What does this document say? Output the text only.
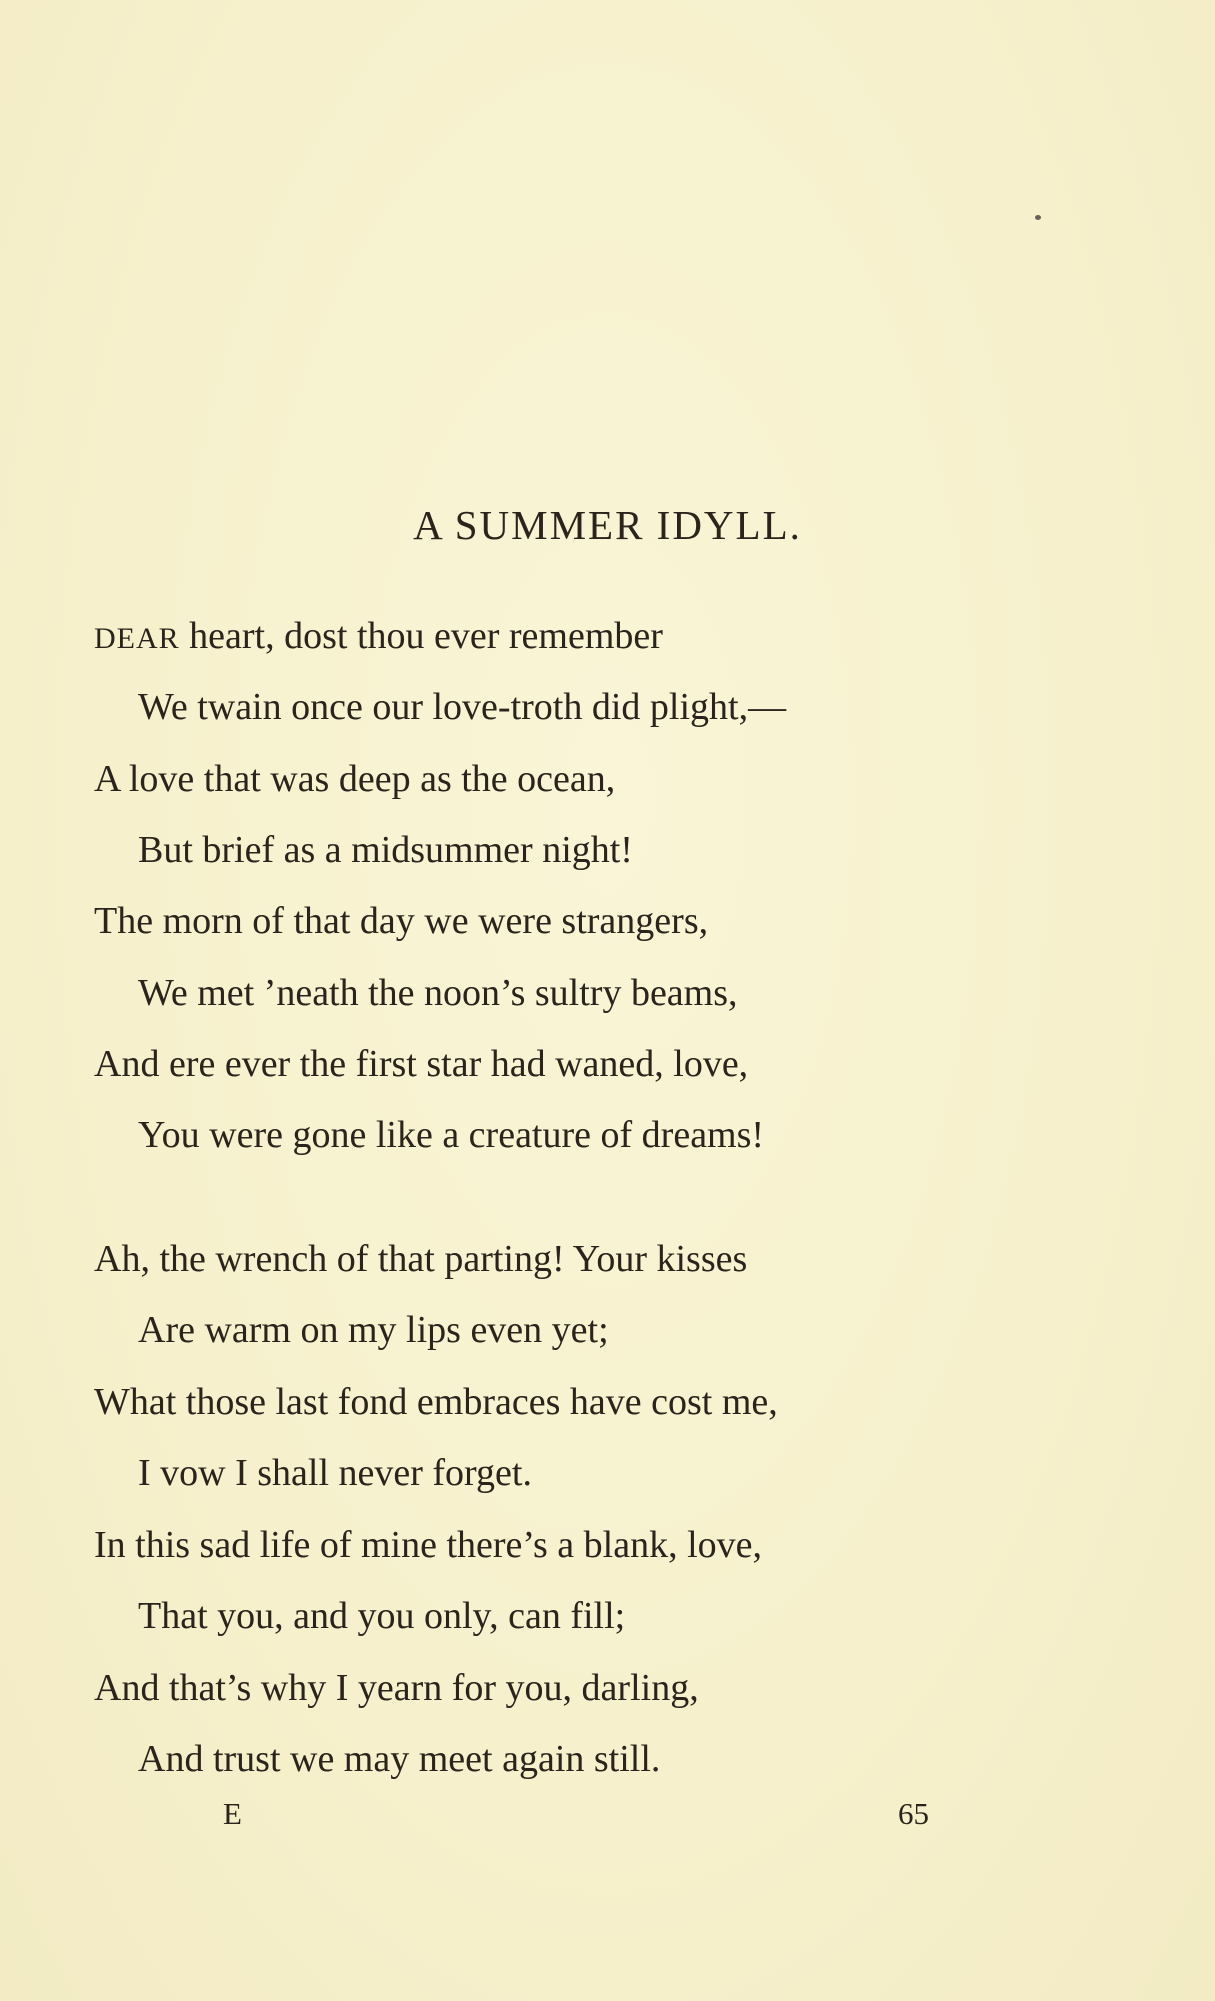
A SUMMER IDYLL.
DEAR heart, dost thou ever remember
We twain once our love-troth did plight,—
A love that was deep as the ocean,
But brief as a midsummer night!
The morn of that day we were strangers,
We met ’neath the noon’s sultry beams,
And ere ever the first star had waned, love,
You were gone like a creature of dreams!
Ah, the wrench of that parting! Your kisses
Are warm on my lips even yet;
What those last fond embraces have cost me,
I vow I shall never forget.
In this sad life of mine there’s a blank, love,
That you, and you only, can fill;
And that’s why I yearn for you, darling,
And trust we may meet again still.
E	65
